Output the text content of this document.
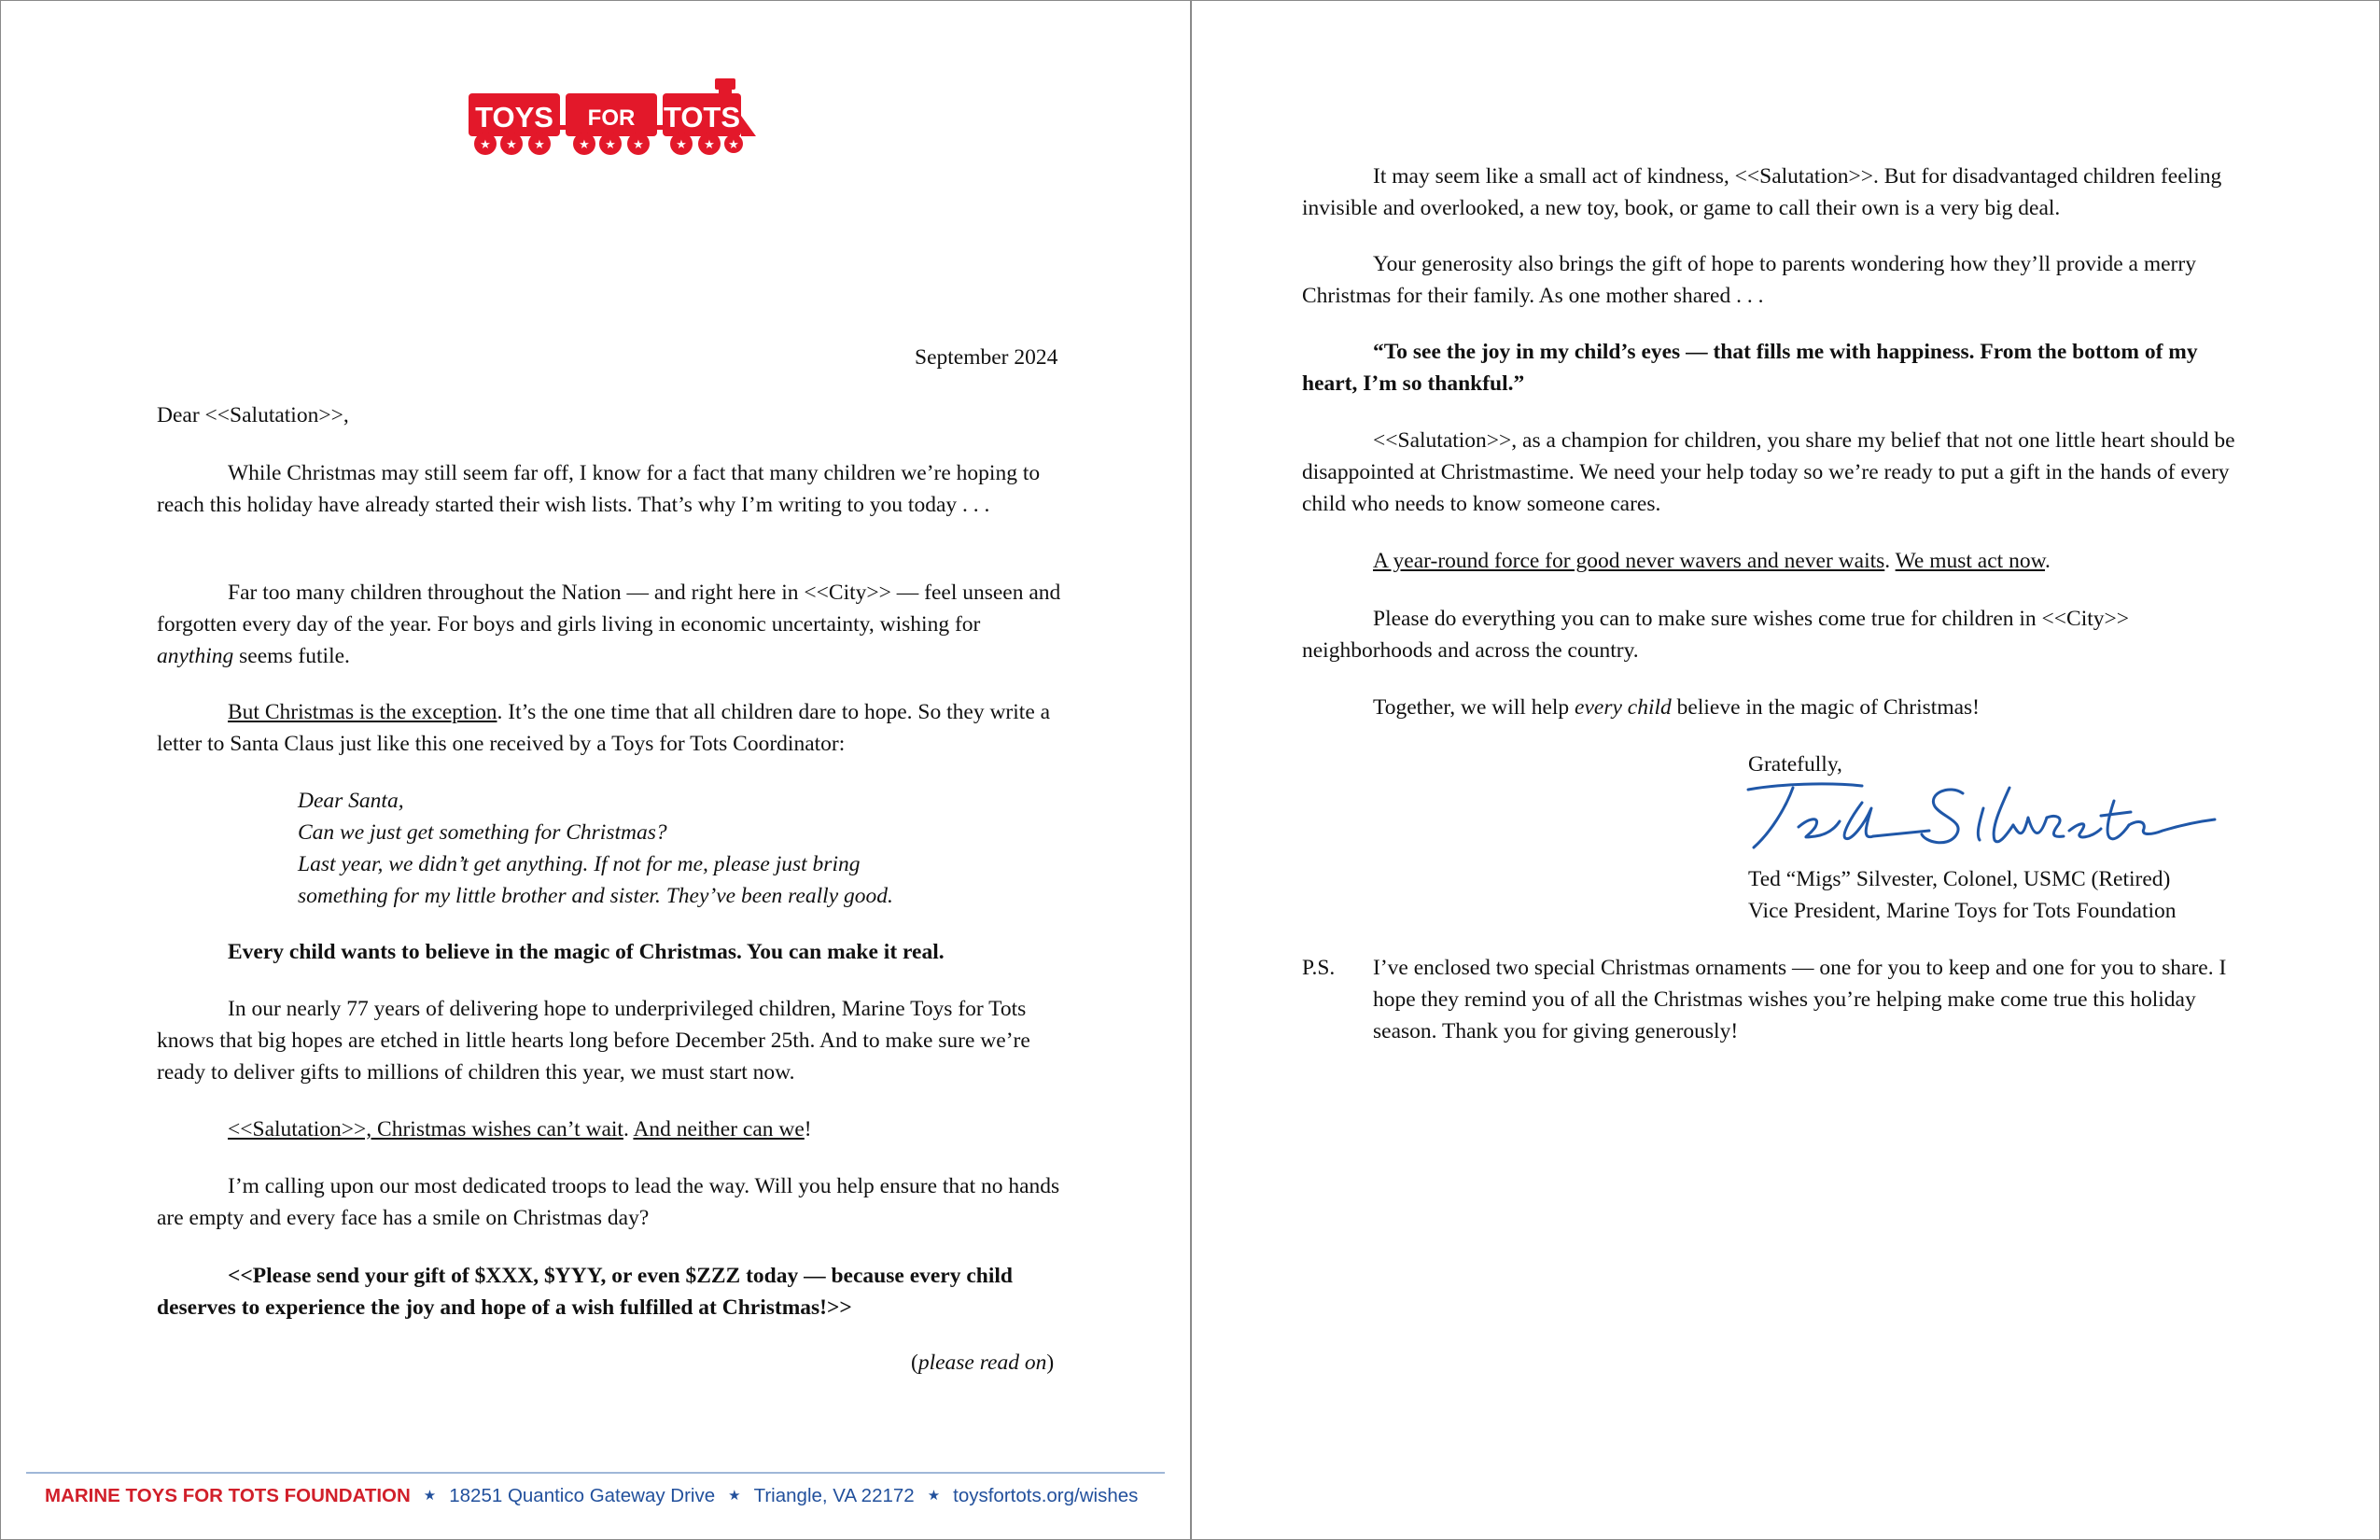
★ ★ ★	★ ★ ★	★ ★ ★
TOYS FOR TOTS
September 2024
Dear <<Salutation>>,
While Christmas may still seem far off, I know for a fact that many children we’re hoping to reach this holiday have already started their wish lists. That’s why I’m writing to you today . . .
Far too many children throughout the Nation — and right here in <<City>> — feel unseen and forgotten every day of the year. For boys and girls living in economic uncertainty, wishing for anything seems futile.
But Christmas is the exception. It’s the one time that all children dare to hope. So they write a letter to Santa Claus just like this one received by a Toys for Tots Coordinator:
Dear Santa,
Can we just get something for Christmas?
Last year, we didn’t get anything. If not for me, please just bring
something for my little brother and sister. They’ve been really good.
Every child wants to believe in the magic of Christmas. You can make it real.
In our nearly 77 years of delivering hope to underprivileged children, Marine Toys for Tots knows that big hopes are etched in little hearts long before December 25th. And to make sure we’re ready to deliver gifts to millions of children this year, we must start now.
<<Salutation>>, Christmas wishes can’t wait. And neither can we!
I’m calling upon our most dedicated troops to lead the way. Will you help ensure that no hands are empty and every face has a smile on Christmas day?
<<Please send your gift of $XXX, $YYY, or even $ZZZ today — because every child deserves to experience the joy and hope of a wish fulfilled at Christmas!>>
(please read on)
MARINE TOYS FOR TOTS FOUNDATION ★ 18251 Quantico Gateway Drive ★ Triangle, VA 22172 ★ toysfortots.org/wishes
It may seem like a small act of kindness, <<Salutation>>. But for disadvantaged children feeling invisible and overlooked, a new toy, book, or game to call their own is a very big deal.
Your generosity also brings the gift of hope to parents wondering how they’ll provide a merry Christmas for their family. As one mother shared . . .
“To see the joy in my child’s eyes — that fills me with happiness. From the bottom of my heart, I’m so thankful.”
<<Salutation>>, as a champion for children, you share my belief that not one little heart should be disappointed at Christmastime. We need your help today so we’re ready to put a gift in the hands of every child who needs to know someone cares.
A year-round force for good never wavers and never waits. We must act now.
Please do everything you can to make sure wishes come true for children in <<City>> neighborhoods and across the country.
Together, we will help every child believe in the magic of Christmas!
Gratefully,
Ted “Migs” Silvester, Colonel, USMC (Retired)
Vice President, Marine Toys for Tots Foundation
P.S. I’ve enclosed two special Christmas ornaments — one for you to keep and one for you to share. I hope they remind you of all the Christmas wishes you’re helping make come true this holiday season. Thank you for giving generously!
